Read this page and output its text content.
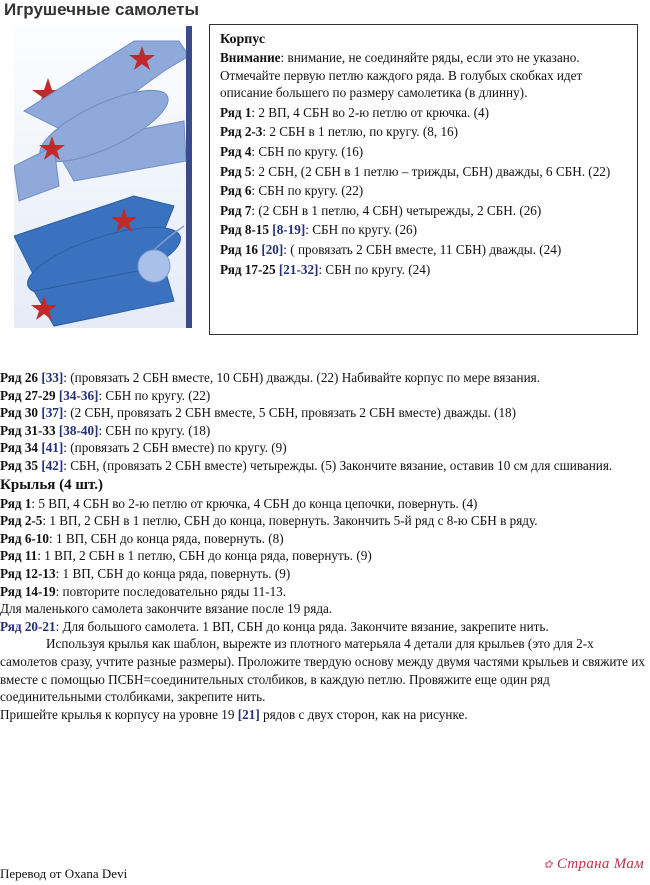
Игрушечные самолеты

Корпус

Внимание: внимание, не соединяйте ряды, если это не указано. Отмечайте первую петлю каждого ряда. В голубых скобках идет описание большего по размеру самолетика (в длинну).

Ряд 1: 2 ВП, 4 СБН во 2-ю петлю от крючка. (4)

Ряд 2-3: 2 СБН в 1 петлю, по кругу. (8, 16)

Ряд 4: СБН по кругу. (16)

Ряд 5: 2 СБН, (2 СБН в 1 петлю – трижды, СБН) дважды, 6 СБН. (22)

Ряд 6: СБН по кругу. (22)

Ряд 7: (2 СБН в 1 петлю, 4 СБН) четырежды, 2 СБН. (26)

Ряд 8-15 [8-19]: СБН по кругу. (26)

Ряд 16 [20]: ( провязать 2 СБН вместе, 11 СБН) дважды. (24)

Ряд 17-25 [21-32]: СБН по кругу. (24)

Ряд 26 [33]: (провязать 2 СБН вместе, 10 СБН) дважды. (22) Набивайте корпус по мере вязания.

Ряд 27-29 [34-36]: СБН по кругу. (22)

Ряд 30 [37]: (2 СБН, провязать 2 СБН вместе, 5 СБН, провязать 2 СБН вместе) дважды. (18)

Ряд 31-33 [38-40]: СБН по кругу. (18)

Ряд 34 [41]: (провязать 2 СБН вместе) по кругу. (9)

Ряд 35 [42]: СБН, (провязать 2 СБН вместе) четырежды. (5) Закончите вязание, оставив 10 см для сшивания.

Крылья (4 шт.)

Ряд 1: 5 ВП, 4 СБН во 2-ю петлю от крючка, 4 СБН до конца цепочки, повернуть. (4)

Ряд 2-5: 1 ВП, 2 СБН в 1 петлю, СБН до конца, повернуть. Закончить 5-й ряд с 8-ю СБН в ряду.

Ряд 6-10: 1 ВП, СБН до конца ряда, повернуть. (8)

Ряд 11: 1 ВП, 2 СБН в 1 петлю, СБН до конца ряда, повернуть. (9)

Ряд 12-13: 1 ВП, СБН до конца ряда, повернуть. (9)

Ряд 14-19: повторите последовательно ряды 11-13.

Для маленького самолета закончите вязание после 19 ряда.

Ряд 20-21: Для большого самолета. 1 ВП, СБН до конца ряда. Закончите вязание, закрепите нить.

Используя крылья как шаблон, вырежте из плотного матерьяла 4 детали для крыльев (это для 2-х самолетов сразу, учтите разные размеры). Проложите твердую основу между двумя частями крыльев и свяжите их вместе с помощью ПСБН=соединительных столбиков, в каждую петлю. Провяжите еще один ряд соединительными столбиками, закрепите нить.

Пришейте крылья к корпусу на уровне 19 [21] рядов с двух сторон, как на рисунке.

Перевод от Oxana Devi
✿ Страна Мам
